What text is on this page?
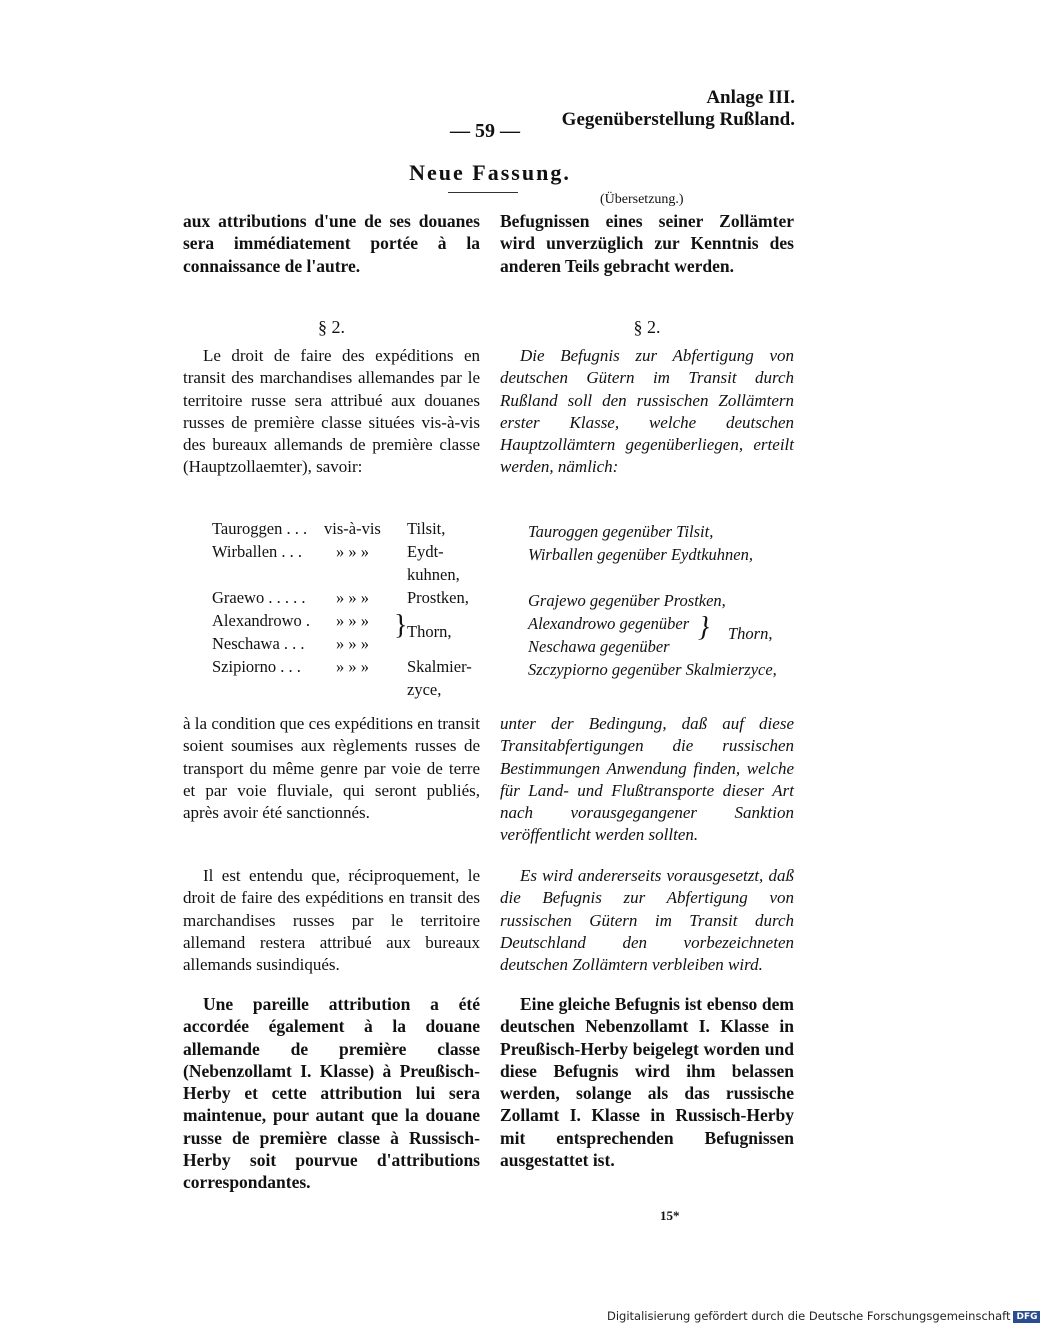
Anlage III.
Gegenüberstellung Rußland.
— 59 —
Neue Fassung.
(Übersetzung.)
aux attributions d'une de ses douanes sera immédiatement portée à la connaissance de l'autre.
§ 2.
Le droit de faire des expéditions en transit des marchandises allemandes par le territoire russe sera attribué aux douanes russes de première classe situées vis-à-vis des bureaux allemands de première classe (Hauptzollaemter), savoir:
Tauroggen . . . vis-à-vis Tilsit,
Wirballen . . . » » » Eydt-
kuhnen,
Graewo . . . . . » » » Prostken,
Alexandrowo . » » »
Neschawa . . . » » »
Szipiorno . . . » » » Skalmier-
zyce,
} Thorn,
à la condition que ces expéditions en transit soient soumises aux règlements russes de transport du même genre par voie de terre et par voie fluviale, qui seront publiés, après avoir été sanctionnés.
Il est entendu que, réciproquement, le droit de faire des expéditions en transit des marchandises russes par le territoire allemand restera attribué aux bureaux allemands susindiqués.
Une pareille attribution a été accordée également à la douane allemande de première classe (Nebenzollamt I. Klasse) à Preußisch-Herby et cette attribution lui sera maintenue, pour autant que la douane russe de première classe à Russisch-Herby soit pourvue d'attributions correspondantes.
Befugnissen eines seiner Zollämter wird unverzüglich zur Kenntnis des anderen Teils gebracht werden.
§ 2.
Die Befugnis zur Abfertigung von deutschen Gütern im Transit durch Rußland soll den russischen Zollämtern erster Klasse, welche deutschen Hauptzollämtern gegenüberliegen, erteilt werden, nämlich:
Tauroggen gegenüber Tilsit,
Wirballen gegenüber Eydtkuhnen,
Grajewo gegenüber Prostken,
Alexandrowo gegenüber
Neschawa gegenüber
Szczypiorno gegenüber Skalmierzyce,
} Thorn,
unter der Bedingung, daß auf diese Transitabfertigungen die russischen Bestimmungen Anwendung finden, welche für Land- und Flußtransporte dieser Art nach vorausgegangener Sanktion veröffentlicht werden sollten.
Es wird andererseits vorausgesetzt, daß die Befugnis zur Abfertigung von russischen Gütern im Transit durch Deutschland den vorbezeichneten deutschen Zollämtern verbleiben wird.
Eine gleiche Befugnis ist ebenso dem deutschen Nebenzollamt I. Klasse in Preußisch-Herby beigelegt worden und diese Befugnis wird ihm belassen werden, solange als das russische Zollamt I. Klasse in Russisch-Herby mit entsprechenden Befugnissen ausgestattet ist.
15*
Digitalisierung gefördert durch die Deutsche Forschungsgemeinschaft DFG
